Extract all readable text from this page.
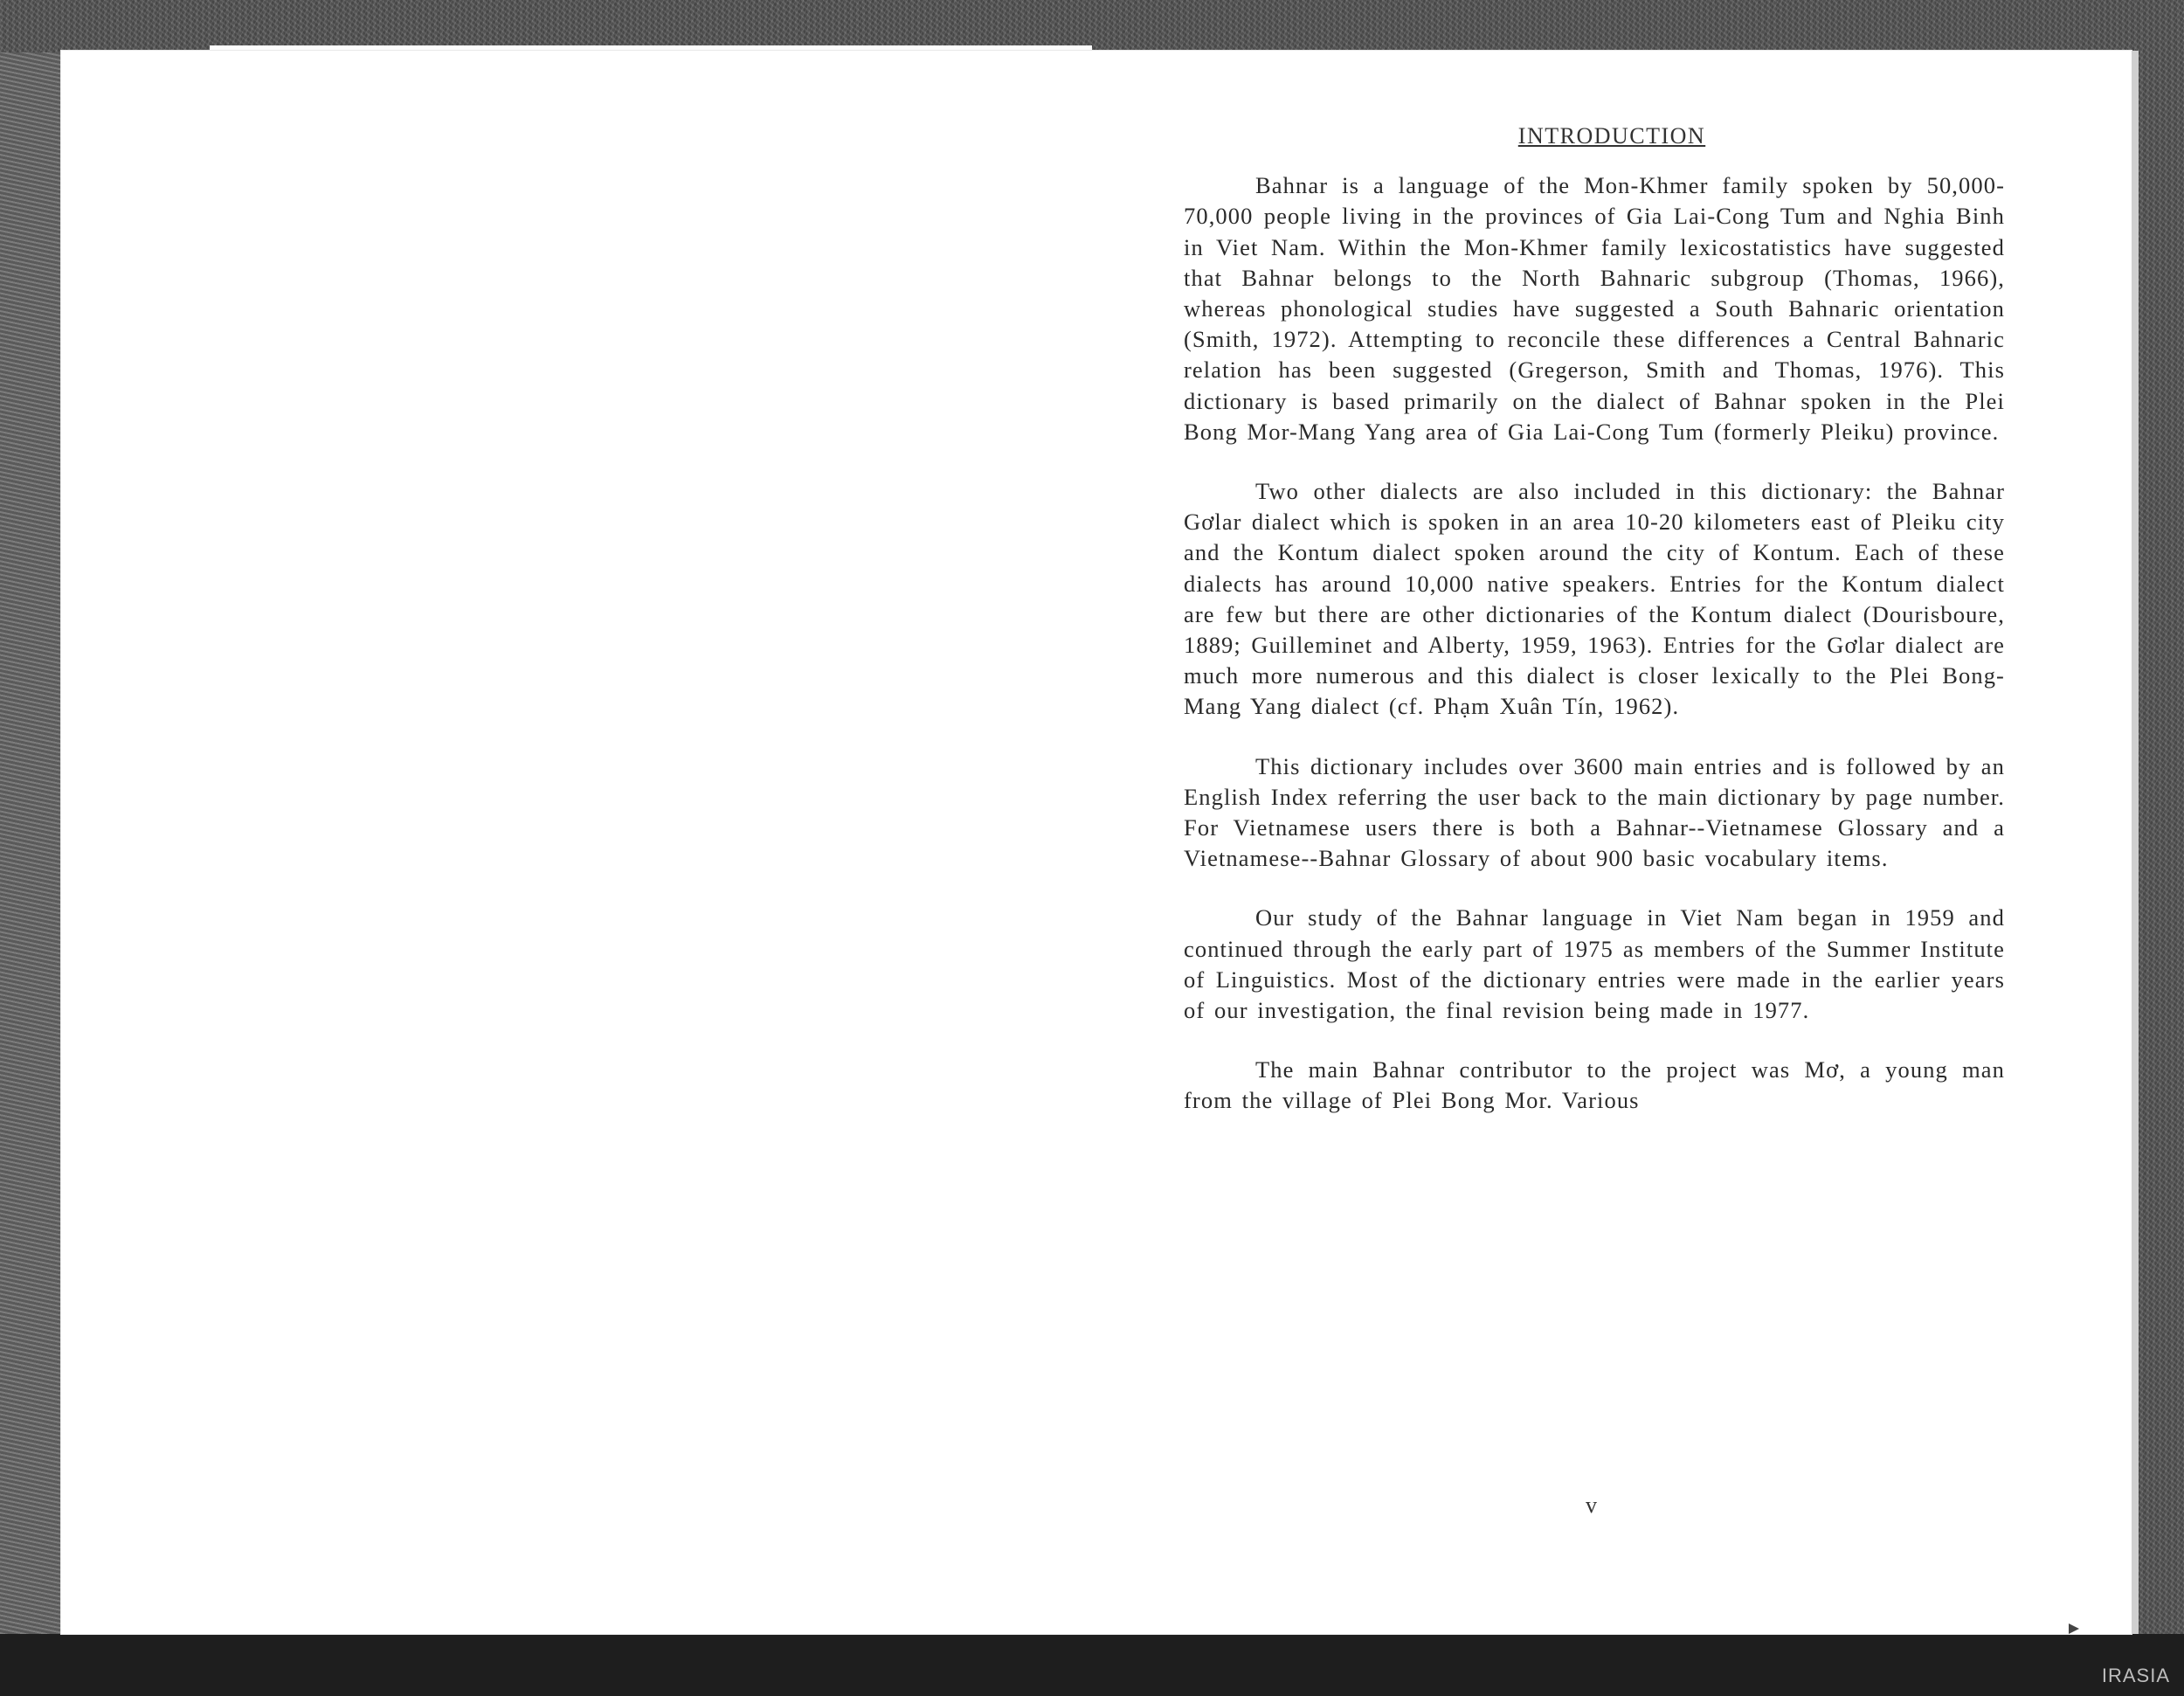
INTRODUCTION

Bahnar is a language of the Mon-Khmer family spoken by 50,000-70,000 people living in the provinces of Gia Lai-Cong Tum and Nghia Binh in Viet Nam. Within the Mon-Khmer family lexicostatistics have suggested that Bahnar belongs to the North Bahnaric subgroup (Thomas, 1966), whereas phonological studies have suggested a South Bahnaric orientation (Smith, 1972). Attempting to reconcile these differences a Central Bahnaric relation has been suggested (Gregerson, Smith and Thomas, 1976). This dictionary is based primarily on the dialect of Bahnar spoken in the Plei Bong Mor-Mang Yang area of Gia Lai-Cong Tum (formerly Pleiku) province.

Two other dialects are also included in this dictionary: the Bahnar Gơlar dialect which is spoken in an area 10-20 kilometers east of Pleiku city and the Kontum dialect spoken around the city of Kontum. Each of these dialects has around 10,000 native speakers. Entries for the Kontum dialect are few but there are other dictionaries of the Kontum dialect (Dourisboure, 1889; Guilleminet and Alberty, 1959, 1963). Entries for the Gơlar dialect are much more numerous and this dialect is closer lexically to the Plei Bong-Mang Yang dialect (cf. Phạm Xuân Tín, 1962).

This dictionary includes over 3600 main entries and is followed by an English Index referring the user back to the main dictionary by page number. For Vietnamese users there is both a Bahnar--Vietnamese Glossary and a Vietnamese--Bahnar Glossary of about 900 basic vocabulary items.

Our study of the Bahnar language in Viet Nam began in 1959 and continued through the early part of 1975 as members of the Summer Institute of Linguistics. Most of the dictionary entries were made in the earlier years of our investigation, the final revision being made in 1977.

The main Bahnar contributor to the project was Mơ, a young man from the village of Plei Bong Mor. Various

v
IRASIA
